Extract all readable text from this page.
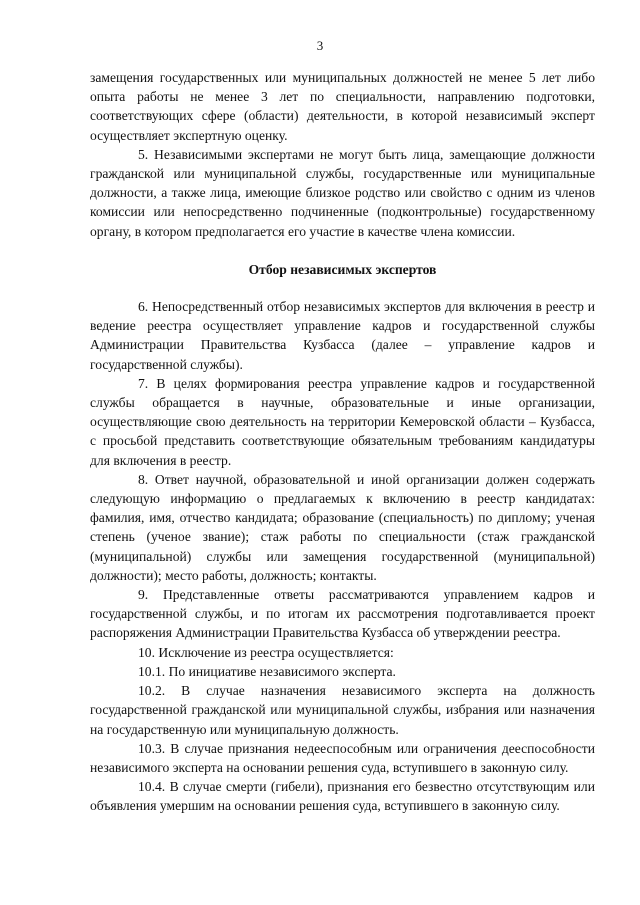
3

замещения государственных или муниципальных должностей не менее 5 лет либо опыта работы не менее 3 лет по специальности, направлению подготовки, соответствующих сфере (области) деятельности, в которой независимый эксперт осуществляет экспертную оценку.

5. Независимыми экспертами не могут быть лица, замещающие должности гражданской или муниципальной службы, государственные или муниципальные должности, а также лица, имеющие близкое родство или свойство с одним из членов комиссии или непосредственно подчиненные (подконтрольные) государственному органу, в котором предполагается его участие в качестве члена комиссии.

Отбор независимых экспертов

6. Непосредственный отбор независимых экспертов для включения в реестр и ведение реестра осуществляет управление кадров и государственной службы Администрации Правительства Кузбасса (далее – управление кадров и государственной службы).

7. В целях формирования реестра управление кадров и государственной службы обращается в научные, образовательные и иные организации, осуществляющие свою деятельность на территории Кемеровской области – Кузбасса, с просьбой представить соответствующие обязательным требованиям кандидатуры для включения в реестр.

8. Ответ научной, образовательной и иной организации должен содержать следующую информацию о предлагаемых к включению в реестр кандидатах: фамилия, имя, отчество кандидата; образование (специальность) по диплому; ученая степень (ученое звание); стаж работы по специальности (стаж гражданской (муниципальной) службы или замещения государственной (муниципальной) должности); место работы, должность; контакты.

9. Представленные ответы рассматриваются управлением кадров и государственной службы, и по итогам их рассмотрения подготавливается проект распоряжения Администрации Правительства Кузбасса об утверждении реестра.

10. Исключение из реестра осуществляется:

10.1. По инициативе независимого эксперта.

10.2. В случае назначения независимого эксперта на должность государственной гражданской или муниципальной службы, избрания или назначения на государственную или муниципальную должность.

10.3. В случае признания недееспособным или ограничения дееспособности независимого эксперта на основании решения суда, вступившего в законную силу.

10.4. В случае смерти (гибели), признания его безвестно отсутствующим или объявления умершим на основании решения суда, вступившего в законную силу.
